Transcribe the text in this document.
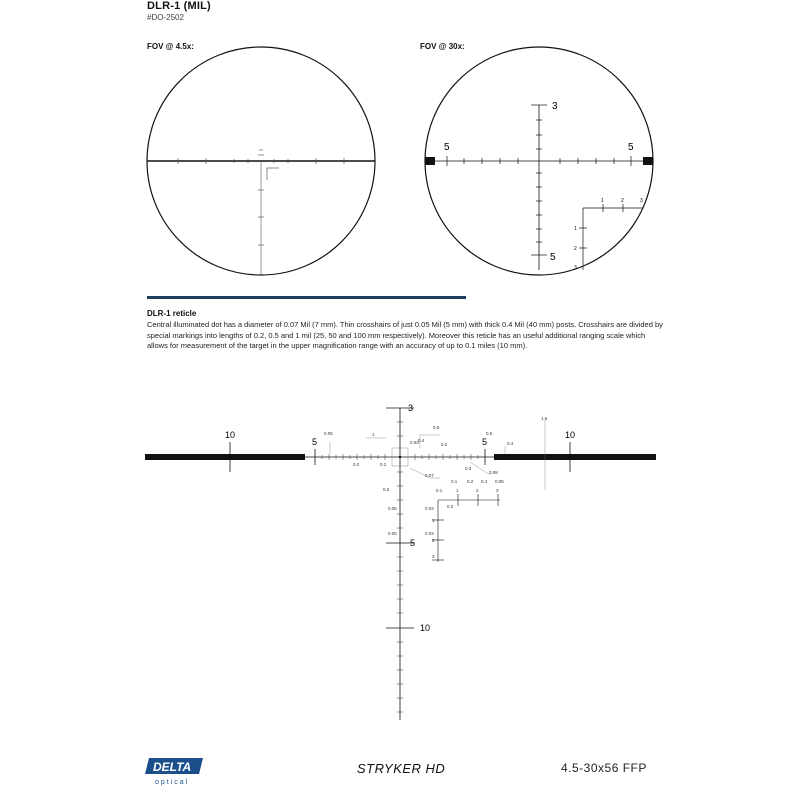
DLR-1 (MIL)
#DO-2502
FOV @ 4.5x:	FOV @ 30x:
3
5	5
5
1	2	3
1
2
3
DLR-1 reticle
Central illuminated dot has a diameter of 0.07 Mil (7 mm). Thin crosshairs of just 0.05 Mil (5 mm) with thick 0.4 Mil (40 mm) posts. Crosshairs are divided by special markings into lengths of 0.2, 0.5 and 1 mil (25, 50 and 100 mm respectively). Moreover this reticle has an useful additional ranging scale which allows for measurement of the target in the upper magnification range with an accuracy of up to 0.1 miles (10 mm).
10
5	5
10
3
5
10
0.05	1
0.5
0.2	0.2
0.3
0.07
0.4
0.2
0.5
0.4
1.6
0.03
0.1 0.2 0.4 0.05
0.08
0.2
0.03
0.2
0.05
0.03
0.05
0.1	1	2	3
1
2
3
DELTA
optical
STRYKER HD	4.5-30x56 FFP
